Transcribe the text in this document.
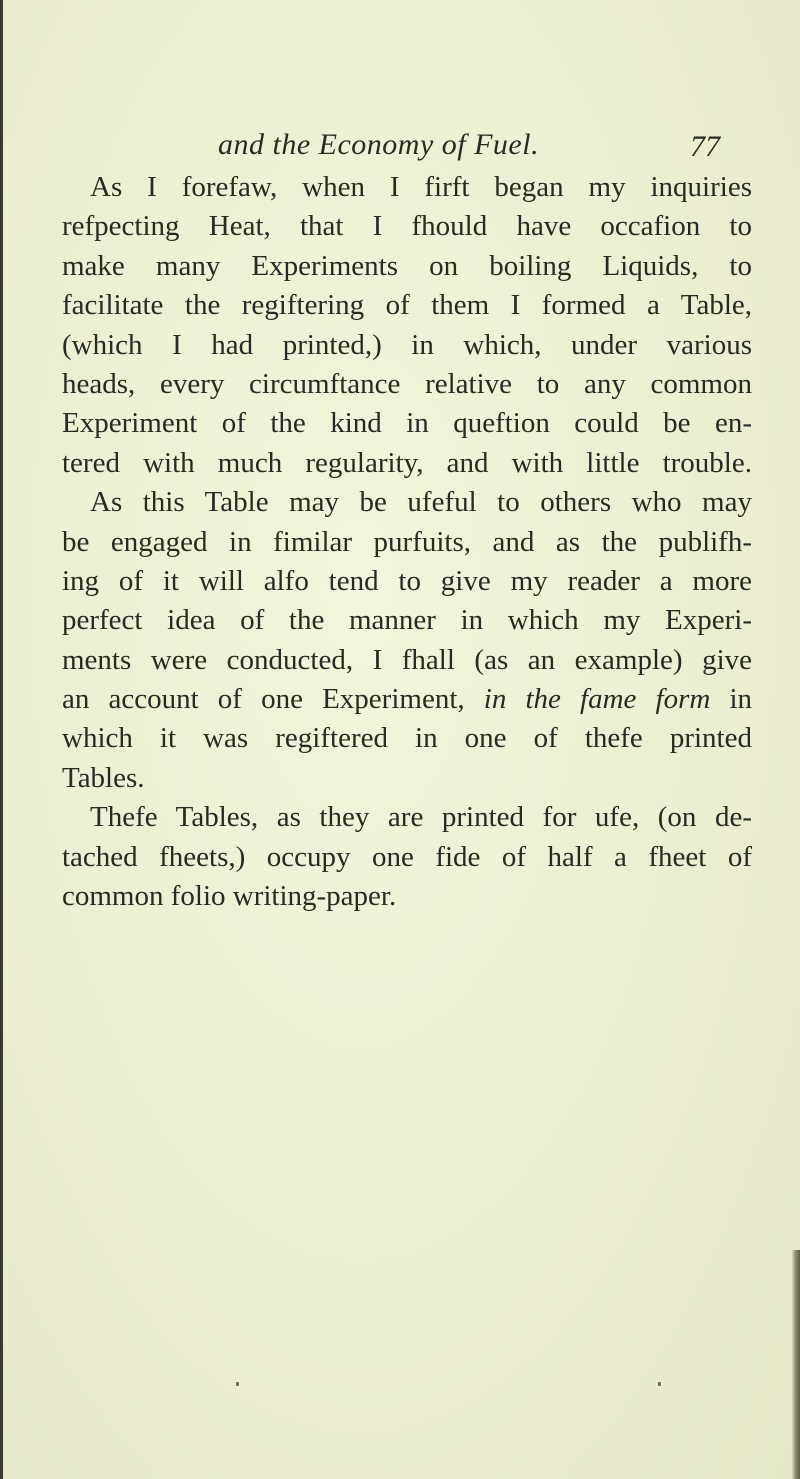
and the Economy of Fuel.	77
As I forefaw, when I firft began my inquiries
refpecting Heat, that I fhould have occafion to
make many Experiments on boiling Liquids, to
facilitate the regiftering of them I formed a Table,
(which I had printed,) in which, under various
heads, every circumftance relative to any common
Experiment of the kind in queftion could be en-
tered with much regularity, and with little trouble.
As this Table may be ufeful to others who may
be engaged in fimilar purfuits, and as the publifh-
ing of it will alfo tend to give my reader a more
perfect idea of the manner in which my Experi-
ments were conducted, I fhall (as an example) give
an account of one Experiment, in the fame form in
which it was regiftered in one of thefe printed
Tables.
Thefe Tables, as they are printed for ufe, (on de-
tached fheets,) occupy one fide of half a fheet of
common folio writing-paper.
